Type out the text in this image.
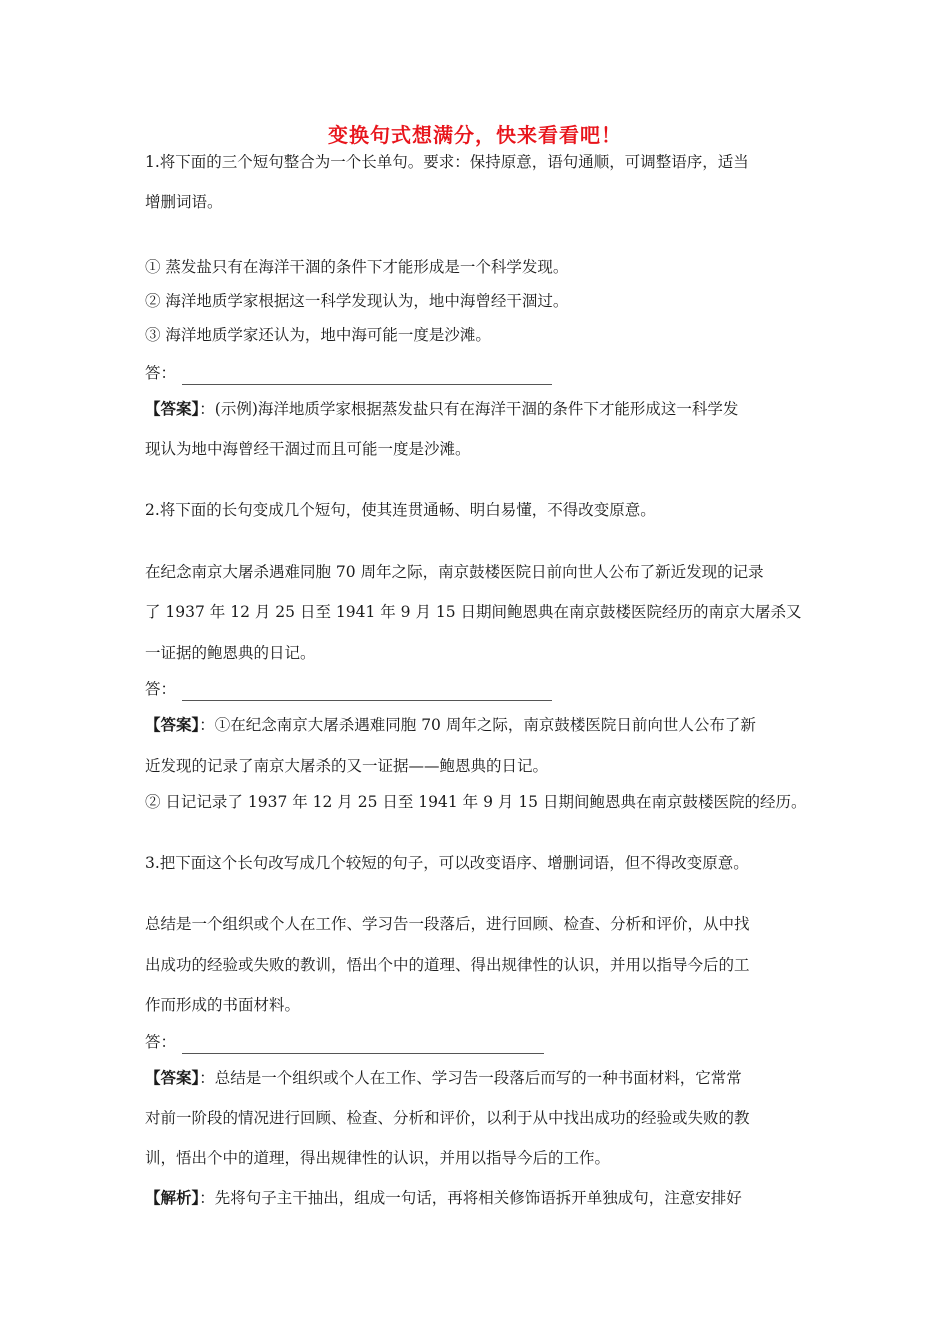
变换句式想满分，快来看看吧！
1.将下面的三个短句整合为一个长单句。要求：保持原意，语句通顺，可调整语序，适当
增删词语。
① 蒸发盐只有在海洋干涸的条件下才能形成是一个科学发现。
② 海洋地质学家根据这一科学发现认为，地中海曾经干涸过。
③ 海洋地质学家还认为，地中海可能一度是沙滩。
答：
【答案】：(示例)海洋地质学家根据蒸发盐只有在海洋干涸的条件下才能形成这一科学发
现认为地中海曾经干涸过而且可能一度是沙滩。
2.将下面的长句变成几个短句，使其连贯通畅、明白易懂，不得改变原意。
在纪念南京大屠杀遇难同胞 70 周年之际，南京鼓楼医院日前向世人公布了新近发现的记录
了 1937 年 12 月 25 日至 1941 年 9 月 15 日期间鲍恩典在南京鼓楼医院经历的南京大屠杀又
一证据的鲍恩典的日记。
答：
【答案】：①在纪念南京大屠杀遇难同胞 70 周年之际，南京鼓楼医院日前向世人公布了新
近发现的记录了南京大屠杀的又一证据——鲍恩典的日记。
② 日记记录了 1937 年 12 月 25 日至 1941 年 9 月 15 日期间鲍恩典在南京鼓楼医院的经历。
3.把下面这个长句改写成几个较短的句子，可以改变语序、增删词语，但不得改变原意。
总结是一个组织或个人在工作、学习告一段落后，进行回顾、检查、分析和评价，从中找
出成功的经验或失败的教训，悟出个中的道理、得出规律性的认识，并用以指导今后的工
作而形成的书面材料。
答：
【答案】：总结是一个组织或个人在工作、学习告一段落后而写的一种书面材料，它常常
对前一阶段的情况进行回顾、检查、分析和评价，以利于从中找出成功的经验或失败的教
训，悟出个中的道理，得出规律性的认识，并用以指导今后的工作。
【解析】：先将句子主干抽出，组成一句话，再将相关修饰语拆开单独成句，注意安排好
